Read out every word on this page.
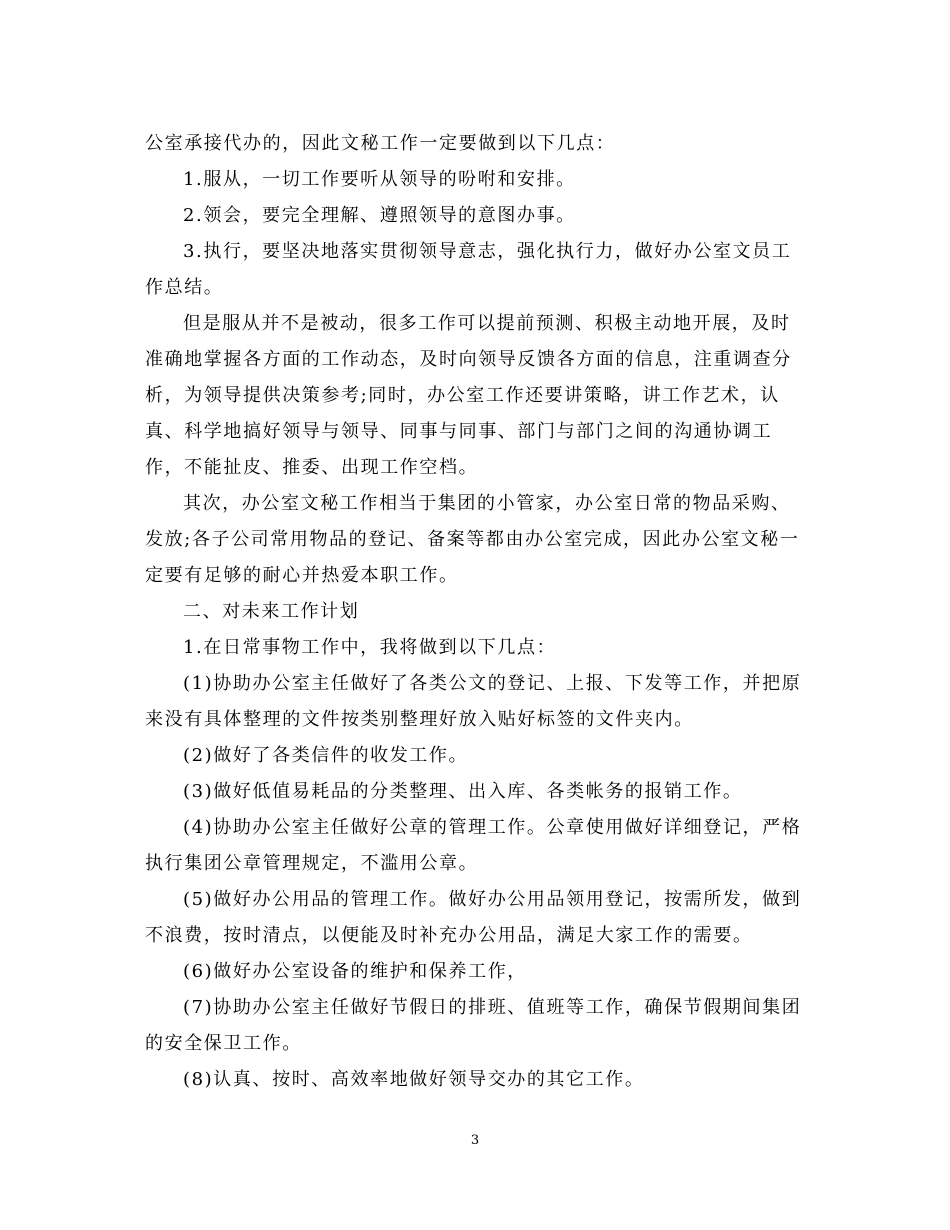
公室承接代办的，因此文秘工作一定要做到以下几点：

1.服从，一切工作要听从领导的吩咐和安排。

2.领会，要完全理解、遵照领导的意图办事。

3.执行，要坚决地落实贯彻领导意志，强化执行力，做好办公室文员工作总结。

但是服从并不是被动，很多工作可以提前预测、积极主动地开展，及时准确地掌握各方面的工作动态，及时向领导反馈各方面的信息，注重调查分析，为领导提供决策参考;同时，办公室工作还要讲策略，讲工作艺术，认真、科学地搞好领导与领导、同事与同事、部门与部门之间的沟通协调工作，不能扯皮、推委、出现工作空档。

其次，办公室文秘工作相当于集团的小管家，办公室日常的物品采购、发放;各子公司常用物品的登记、备案等都由办公室完成，因此办公室文秘一定要有足够的耐心并热爱本职工作。

二、对未来工作计划

1.在日常事物工作中，我将做到以下几点：

(1)协助办公室主任做好了各类公文的登记、上报、下发等工作，并把原来没有具体整理的文件按类别整理好放入贴好标签的文件夹内。

(2)做好了各类信件的收发工作。

(3)做好低值易耗品的分类整理、出入库、各类帐务的报销工作。

(4)协助办公室主任做好公章的管理工作。公章使用做好详细登记，严格执行集团公章管理规定，不滥用公章。

(5)做好办公用品的管理工作。做好办公用品领用登记，按需所发，做到不浪费，按时清点，以便能及时补充办公用品，满足大家工作的需要。

(6)做好办公室设备的维护和保养工作，

(7)协助办公室主任做好节假日的排班、值班等工作，确保节假期间集团的安全保卫工作。

(8)认真、按时、高效率地做好领导交办的其它工作。

3
